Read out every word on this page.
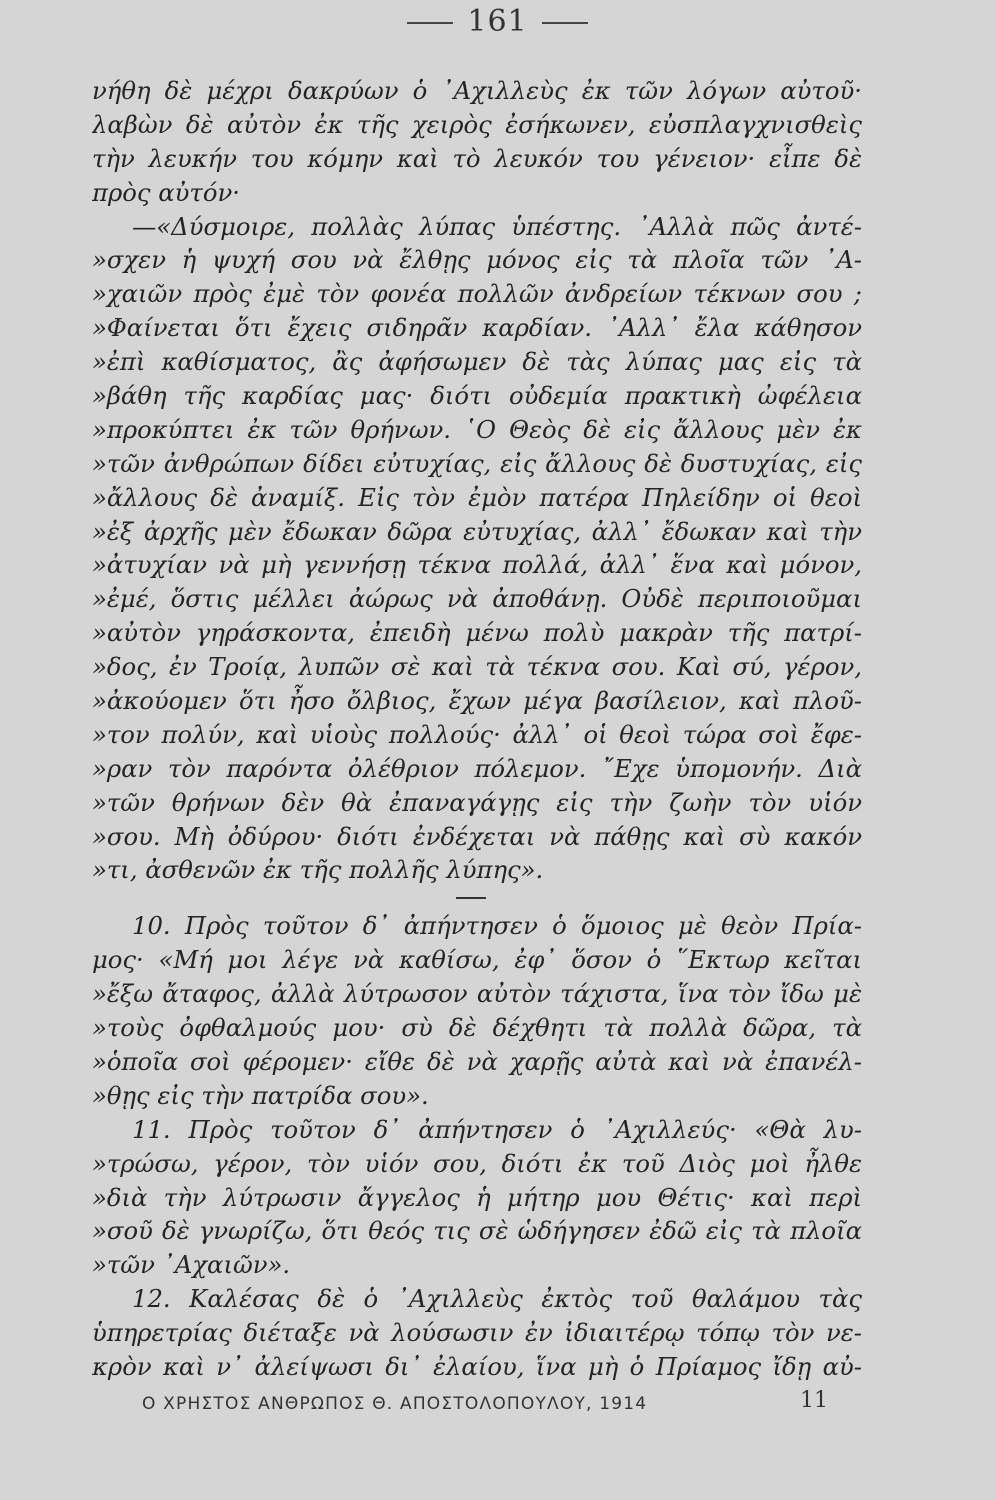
161
νήθη δὲ μέχρι δακρύων ὁ ᾽Αχιλλεὺς ἐκ τῶν λόγων αὐτοῦ·
λαβὼν δὲ αὐτὸν ἐκ τῆς χειρὸς ἐσήκωνεν, εὐσπλαγχνισθεὶς
τὴν λευκήν του κόμην καὶ τὸ λευκόν του γένειον· εἶπε δὲ
πρὸς αὐτόν·
—«Δύσμοιρε, πολλὰς λύπας ὑπέστης. ᾽Αλλὰ πῶς ἀντέ-
»σχεν ἡ ψυχή σου νὰ ἔλθῃς μόνος εἰς τὰ πλοῖα τῶν ᾽Α-
»χαιῶν πρὸς ἐμὲ τὸν φονέα πολλῶν ἀνδρείων τέκνων σου ;
»Φαίνεται ὅτι ἔχεις σιδηρᾶν καρδίαν. ᾽Αλλ᾽ ἔλα κάθησον
»ἐπὶ καθίσματος, ἂς ἀφήσωμεν δὲ τὰς λύπας μας εἰς τὰ
»βάθη τῆς καρδίας μας· διότι οὐδεμία πρακτικὴ ὠφέλεια
»προκύπτει ἐκ τῶν θρήνων. ῾Ο Θεὸς δὲ εἰς ἄλλους μὲν ἐκ
»τῶν ἀνθρώπων δίδει εὐτυχίας, εἰς ἄλλους δὲ δυστυχίας, εἰς
»ἄλλους δὲ ἀναμίξ. Εἰς τὸν ἐμὸν πατέρα Πηλείδην οἱ θεοὶ
»ἐξ ἀρχῆς μὲν ἔδωκαν δῶρα εὐτυχίας, ἀλλ᾽ ἔδωκαν καὶ τὴν
»ἀτυχίαν νὰ μὴ γεννήσῃ τέκνα πολλά, ἀλλ᾽ ἕνα καὶ μόνον,
»ἐμέ, ὅστις μέλλει ἀώρως νὰ ἀποθάνῃ. Οὐδὲ περιποιοῦμαι
»αὐτὸν γηράσκοντα, ἐπειδὴ μένω πολὺ μακρὰν τῆς πατρί-
»δος, ἐν Τροίᾳ, λυπῶν σὲ καὶ τὰ τέκνα σου. Καὶ σύ, γέρον,
»ἀκούομεν ὅτι ἦσο ὄλβιος, ἔχων μέγα βασίλειον, καὶ πλοῦ-
»τον πολύν, καὶ υἱοὺς πολλούς· ἀλλ᾽ οἱ θεοὶ τώρα σοὶ ἔφε-
»ραν τὸν παρόντα ὀλέθριον πόλεμον. ῎Εχε ὑπομονήν. Διὰ
»τῶν θρήνων δὲν θὰ ἐπαναγάγῃς εἰς τὴν ζωὴν τὸν υἱόν
»σου. Μὴ ὀδύρου· διότι ἐνδέχεται νὰ πάθῃς καὶ σὺ κακόν
»τι, ἀσθενῶν ἐκ τῆς πολλῆς λύπης».
10. Πρὸς τοῦτον δ᾽ ἀπήντησεν ὁ ὅμοιος μὲ θεὸν Πρία-
μος· «Μή μοι λέγε νὰ καθίσω, ἐφ᾽ ὅσον ὁ ῞Εκτωρ κεῖται
»ἔξω ἄταφος, ἀλλὰ λύτρωσον αὐτὸν τάχιστα, ἵνα τὸν ἴδω μὲ
»τοὺς ὀφθαλμούς μου· σὺ δὲ δέχθητι τὰ πολλὰ δῶρα, τὰ
»ὁποῖα σοὶ φέρομεν· εἴθε δὲ νὰ χαρῇς αὐτὰ καὶ νὰ ἐπανέλ-
»θῃς εἰς τὴν πατρίδα σου».
11. Πρὸς τοῦτον δ᾽ ἀπήντησεν ὁ ᾽Αχιλλεύς· «Θὰ λυ-
»τρώσω, γέρον, τὸν υἱόν σου, διότι ἐκ τοῦ Διὸς μοὶ ἦλθε
»διὰ τὴν λύτρωσιν ἄγγελος ἡ μήτηρ μου Θέτις· καὶ περὶ
»σοῦ δὲ γνωρίζω, ὅτι θεός τις σὲ ὡδήγησεν ἐδῶ εἰς τὰ πλοῖα
»τῶν ᾽Αχαιῶν».
12. Καλέσας δὲ ὁ ᾽Αχιλλεὺς ἐκτὸς τοῦ θαλάμου τὰς
ὑπηρετρίας διέταξε νὰ λούσωσιν ἐν ἰδιαιτέρῳ τόπῳ τὸν νε-
κρὸν καὶ ν᾽ ἀλείψωσι δι᾽ ἐλαίου, ἵνα μὴ ὁ Πρίαμος ἴδῃ αὐ-
Ο ΧΡΗΣΤΟΣ ΑΝΘΡΩΠΟΣ Θ. ΑΠΟΣΤΟΛΟΠΟΥΛΟΥ, 1914	11
